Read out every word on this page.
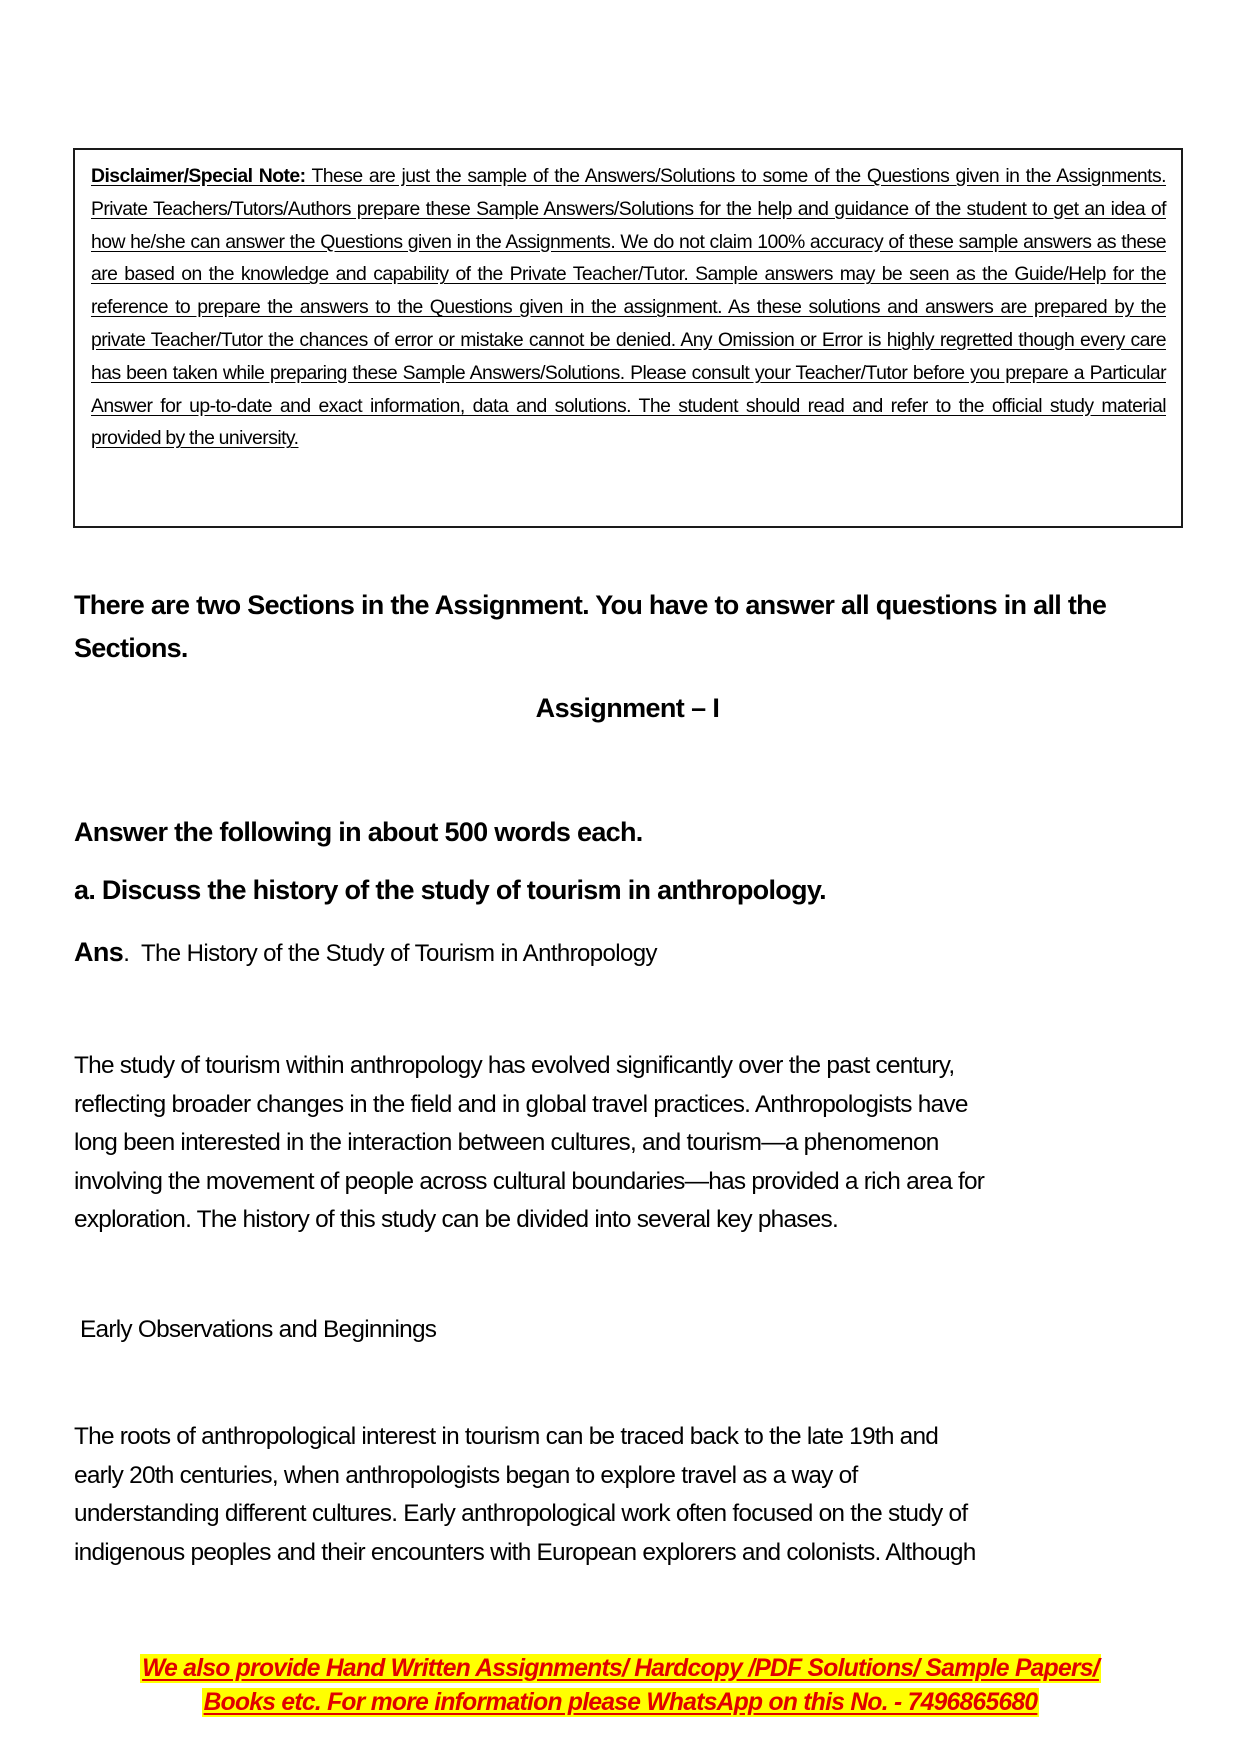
Disclaimer/Special Note: These are just the sample of the Answers/Solutions to some of the Questions given in the Assignments. Private Teachers/Tutors/Authors prepare these Sample Answers/Solutions for the help and guidance of the student to get an idea of how he/she can answer the Questions given in the Assignments. We do not claim 100% accuracy of these sample answers as these are based on the knowledge and capability of the Private Teacher/Tutor. Sample answers may be seen as the Guide/Help for the reference to prepare the answers to the Questions given in the assignment. As these solutions and answers are prepared by the private Teacher/Tutor the chances of error or mistake cannot be denied. Any Omission or Error is highly regretted though every care has been taken while preparing these Sample Answers/Solutions. Please consult your Teacher/Tutor before you prepare a Particular Answer for up-to-date and exact information, data and solutions. The student should read and refer to the official study material provided by the university.
There are two Sections in the Assignment. You have to answer all questions in all the Sections.
Assignment – I
Answer the following in about 500 words each.
a. Discuss the history of the study of tourism in anthropology.
Ans.  The History of the Study of Tourism in Anthropology
The study of tourism within anthropology has evolved significantly over the past century,
reflecting broader changes in the field and in global travel practices. Anthropologists have
long been interested in the interaction between cultures, and tourism—a phenomenon
involving the movement of people across cultural boundaries—has provided a rich area for
exploration. The history of this study can be divided into several key phases.
Early Observations and Beginnings
The roots of anthropological interest in tourism can be traced back to the late 19th and
early 20th centuries, when anthropologists began to explore travel as a way of
understanding different cultures. Early anthropological work often focused on the study of
indigenous peoples and their encounters with European explorers and colonists. Although
We also provide Hand Written Assignments/ Hardcopy /PDF Solutions/ Sample Papers/
Books etc. For more information please WhatsApp on this No. - 7496865680
